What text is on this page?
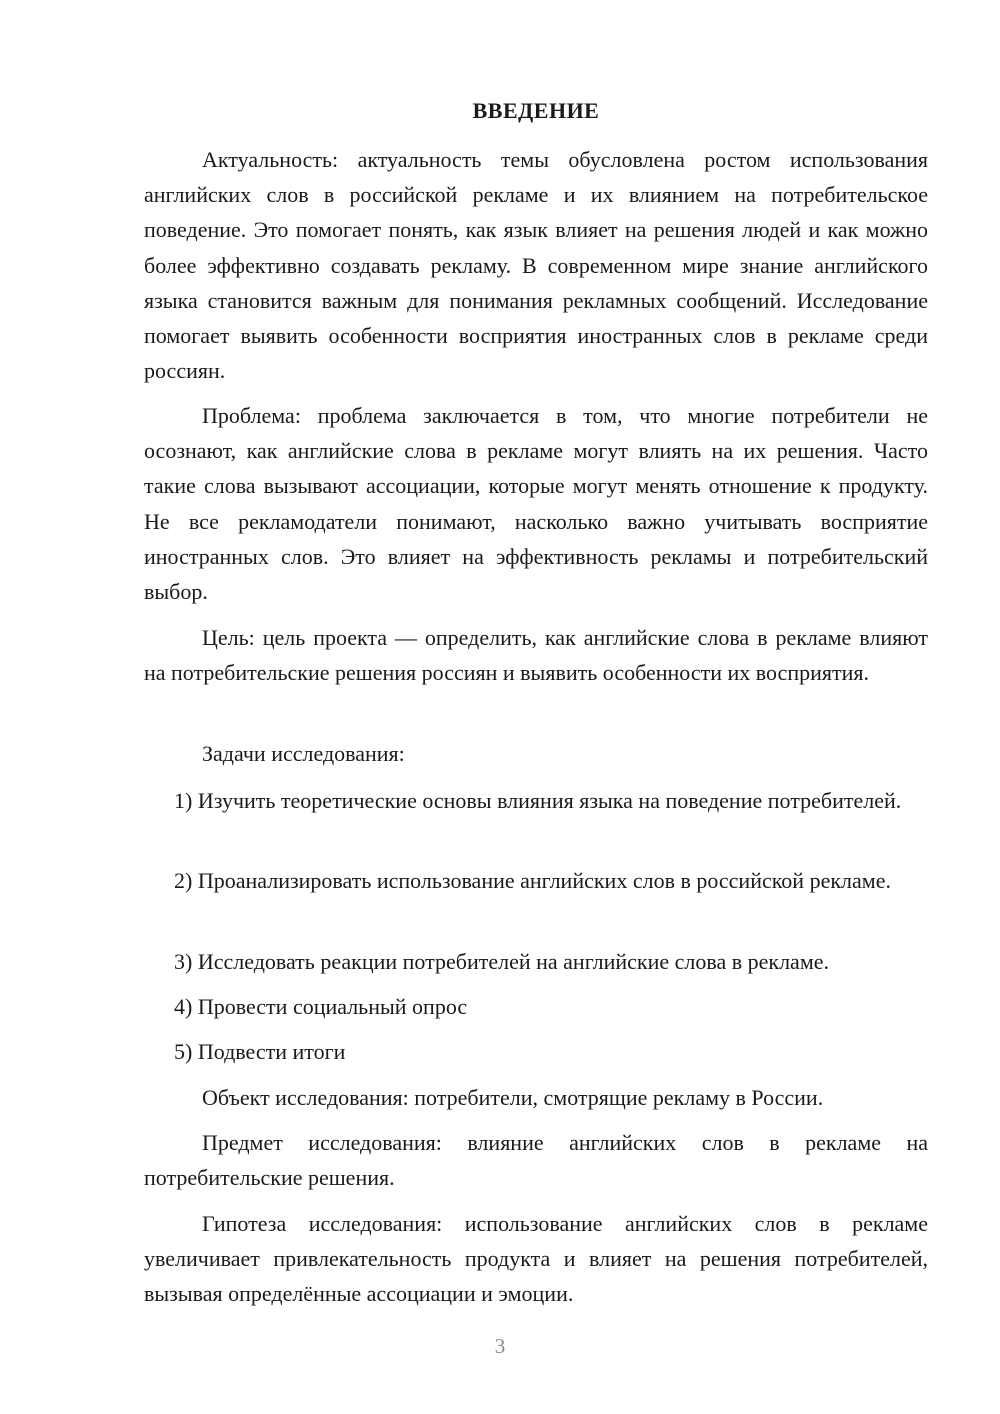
ВВЕДЕНИЕ

Актуальность: актуальность темы обусловлена ростом использования английских слов в российской рекламе и их влиянием на потребительское поведение. Это помогает понять, как язык влияет на решения людей и как можно более эффективно создавать рекламу. В современном мире знание английского языка становится важным для понимания рекламных сообщений. Исследование помогает выявить особенности восприятия иностранных слов в рекламе среди россиян.

Проблема: проблема заключается в том, что многие потребители не осознают, как английские слова в рекламе могут влиять на их решения. Часто такие слова вызывают ассоциации, которые могут менять отношение к продукту. Не все рекламодатели понимают, насколько важно учитывать восприятие иностранных слов. Это влияет на эффективность рекламы и потребительский выбор.

Цель: цель проекта — определить, как английские слова в рекламе влияют на потребительские решения россиян и выявить особенности их восприятия.

Задачи исследования:

1) Изучить теоретические основы влияния языка на поведение потребителей.

2) Проанализировать использование английских слов в российской рекламе.

3) Исследовать реакции потребителей на английские слова в рекламе.

4) Провести социальный опрос

5) Подвести итоги

Объект исследования: потребители, смотрящие рекламу в России.

Предмет исследования: влияние английских слов в рекламе на потребительские решения.

Гипотеза исследования: использование английских слов в рекламе увеличивает привлекательность продукта и влияет на решения потребителей, вызывая определённые ассоциации и эмоции.

3
